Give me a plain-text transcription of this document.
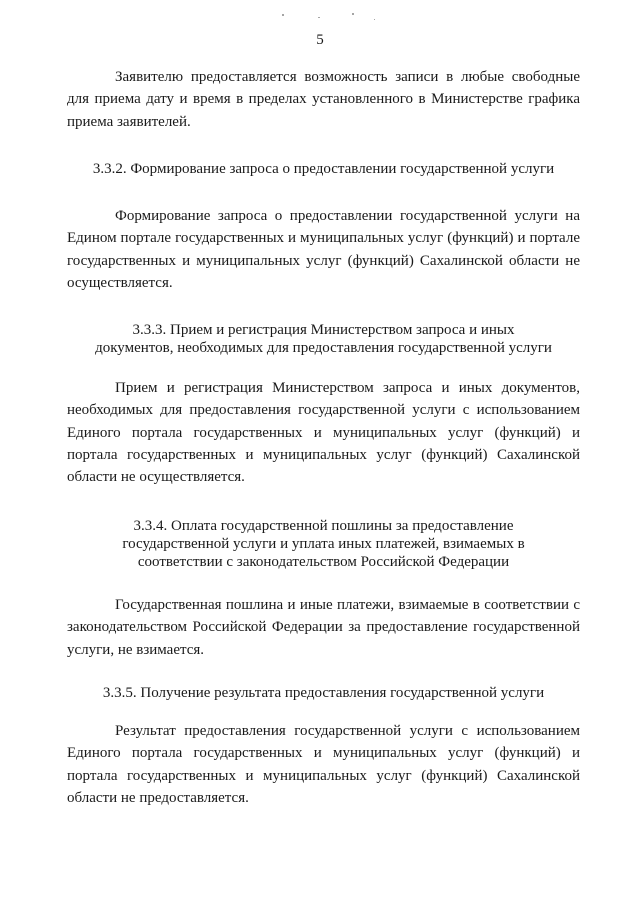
5

Заявителю предоставляется возможность записи в любые свободные для приема дату и время в пределах установленного в Министерстве графика приема заявителей.

3.3.2. Формирование запроса о предоставлении государственной услуги

Формирование запроса о предоставлении государственной услуги на Едином портале государственных и муниципальных услуг (функций) и портале государственных и муниципальных услуг (функций) Сахалинской области не осуществляется.

3.3.3. Прием и регистрация Министерством запроса и иных
документов, необходимых для предоставления государственной услуги

Прием и регистрация Министерством запроса и иных документов, необходимых для предоставления государственной услуги с использованием Единого портала государственных и муниципальных услуг (функций) и портала государственных и муниципальных услуг (функций) Сахалинской области не осуществляется.

3.3.4. Оплата государственной пошлины за предоставление
государственной услуги и уплата иных платежей, взимаемых в
соответствии с законодательством Российской Федерации

Государственная пошлина и иные платежи, взимаемые в соответствии с законодательством Российской Федерации за предоставление государственной услуги, не взимается.

3.3.5. Получение результата предоставления государственной услуги

Результат предоставления государственной услуги с использованием Единого портала государственных и муниципальных услуг (функций) и портала государственных и муниципальных услуг (функций) Сахалинской области не предоставляется.
